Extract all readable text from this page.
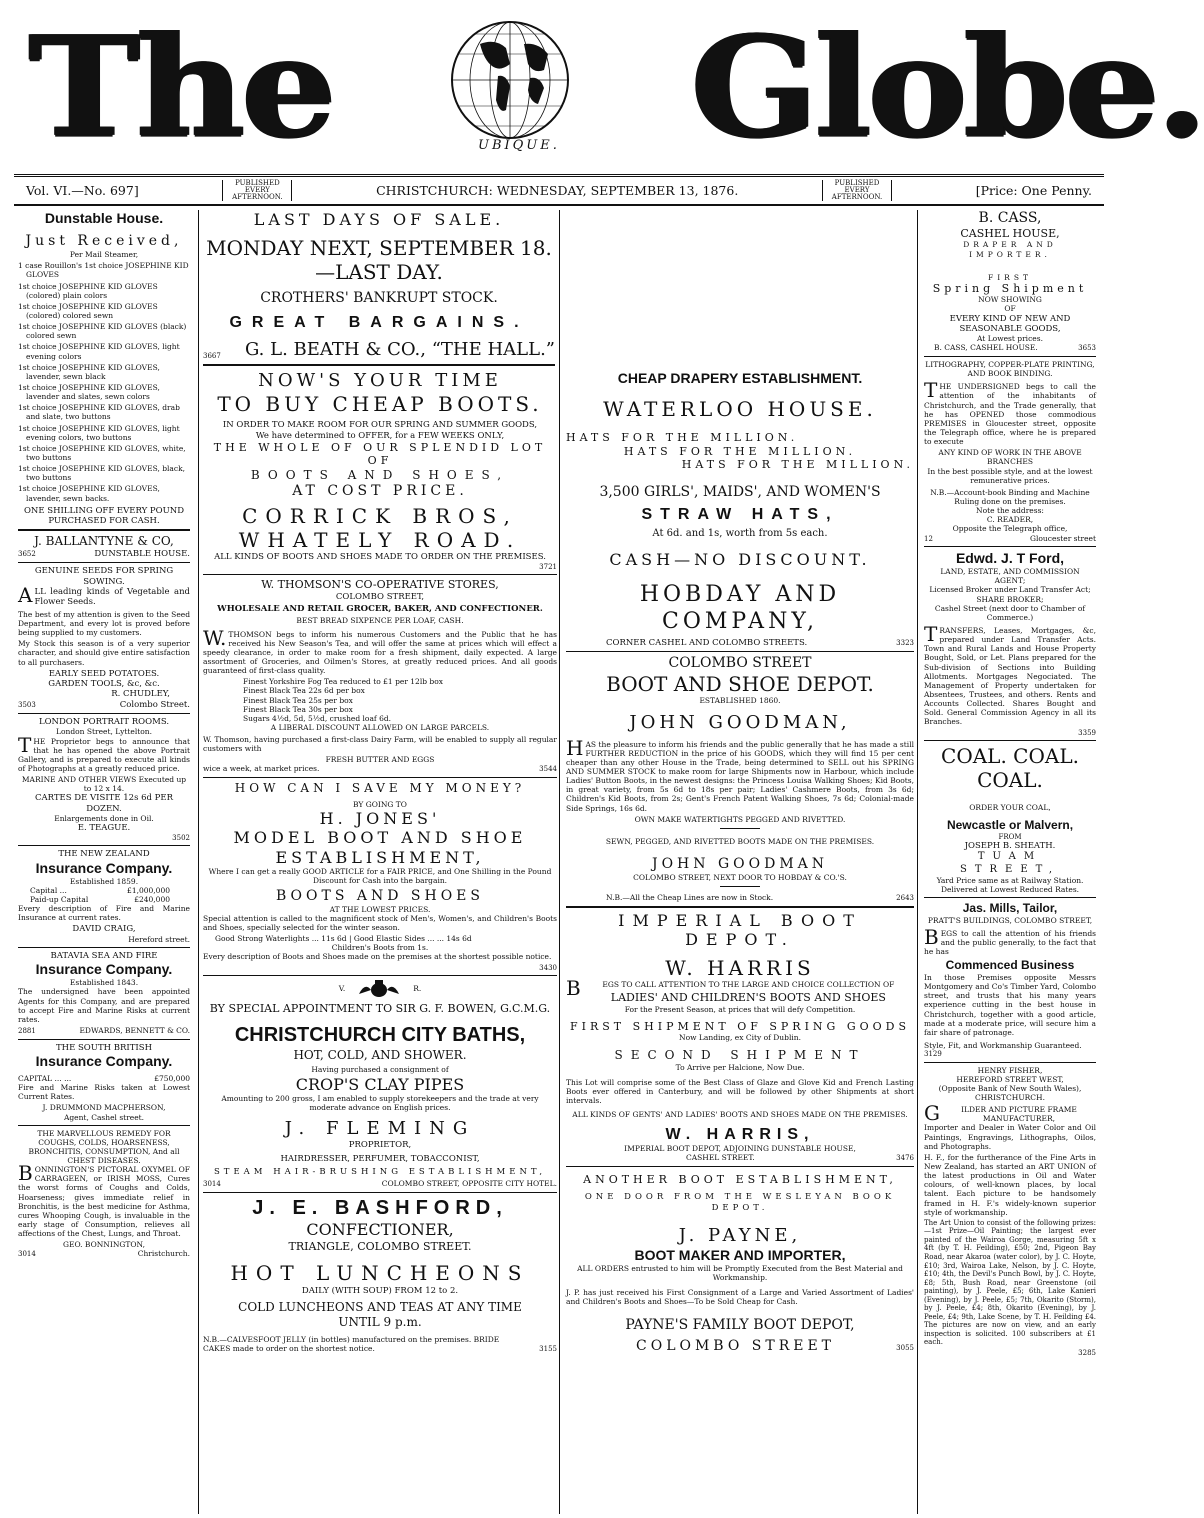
The	UBIQUE. Globe.
Vol. VI.—No. 697]	PUBLISHED EVERY AFTERNOON.	CHRISTCHURCH: WEDNESDAY, SEPTEMBER 13, 1876.	PUBLISHED EVERY AFTERNOON.	[Price: One Penny.
Dunstable House.
Just Received,
Per Mail Steamer,
1 case Rouillon's 1st choice JOSEPHINE KID GLOVES
1st choice JOSEPHINE KID GLOVES (colored) plain colors
1st choice JOSEPHINE KID GLOVES (colored) colored sewn
1st choice JOSEPHINE KID GLOVES (black) colored sewn
1st choice JOSEPHINE KID GLOVES, light evening colors
1st choice JOSEPHINE KID GLOVES, lavender, sewn black
1st choice JOSEPHINE KID GLOVES, lavender and slates, sewn colors
1st choice JOSEPHINE KID GLOVES, drab and slate, two buttons
1st choice JOSEPHINE KID GLOVES, light evening colors, two buttons
1st choice JOSEPHINE KID GLOVES, white, two buttons
1st choice JOSEPHINE KID GLOVES, black, two buttons
1st choice JOSEPHINE KID GLOVES, lavender, sewn backs.
ONE SHILLING OFF EVERY POUND PURCHASED FOR CASH.
J. BALLANTYNE & CO,
3652	DUNSTABLE HOUSE.
GENUINE SEEDS FOR SPRING SOWING.

ALL leading kinds of Vegetable and Flower Seeds.

The best of my attention is given to the Seed Department, and every lot is proved before being supplied to my customers.

My Stock this season is of a very superior character, and should give entire satisfaction to all purchasers.

EARLY SEED POTATOES.
GARDEN TOOLS, &c, &c.
R. CHUDLEY,
3503	Colombo Street.
LONDON PORTRAIT ROOMS.
London Street, Lyttelton.

THE Proprietor begs to announce that that he has opened the above Portrait Gallery, and is prepared to execute all kinds of Photographs at a greatly reduced price.

MARINE AND OTHER VIEWS Executed up to 12 x 14.
CARTES DE VISITE 12s 6d PER DOZEN.
Enlargements done in Oil.
E. TEAGUE.
3502
THE NEW ZEALAND
Insurance Company.
Established 1859.
Capital ...	£1,000,000
Paid-up Capital	£240,000

Every description of Fire and Marine Insurance at current rates.

DAVID CRAIG,
Hereford street.
BATAVIA SEA AND FIRE
Insurance Company.
Established 1843.

The undersigned have been appointed Agents for this Company, and are prepared to accept Fire and Marine Risks at current rates.

2881	EDWARDS, BENNETT & CO.
THE SOUTH BRITISH
Insurance Company.
CAPITAL ... ...	£750,000

Fire and Marine Risks taken at Lowest Current Rates.

J. DRUMMOND MACPHERSON,
Agent, Cashel street.
THE MARVELLOUS REMEDY FOR COUGHS, COLDS, HOARSENESS, BRONCHITIS, CONSUMPTION, And all CHEST DISEASES.

BONNINGTON'S PICTORAL OXYMEL OF CARRAGEEN, or IRISH MOSS, Cures the worst forms of Coughs and Colds, Hoarseness; gives immediate relief in Bronchitis, is the best medicine for Asthma, cures Whooping Cough, is invaluable in the early stage of Consumption, relieves all affections of the Chest, Lungs, and Throat.

GEO. BONNINGTON,
3014	Christchurch.
LAST DAYS OF SALE.
MONDAY NEXT, SEPTEMBER 18.—LAST DAY.
CROTHERS' BANKRUPT STOCK.
GREAT BARGAINS.
3667 G. L. BEATH & CO., “THE HALL.”
NOW'S YOUR TIME
TO BUY CHEAP BOOTS.
IN ORDER TO MAKE ROOM FOR OUR SPRING AND SUMMER GOODS,
We have determined to OFFER, for a FEW WEEKS ONLY,
THE WHOLE OF OUR SPLENDID LOT OF
BOOTS AND SHOES,
AT COST PRICE.
CORRICK BROS,
WHATELY ROAD.
ALL KINDS OF BOOTS AND SHOES MADE TO ORDER ON THE PREMISES.
3721
W. THOMSON'S CO-OPERATIVE STORES,
COLOMBO STREET,
WHOLESALE AND RETAIL GROCER, BAKER, AND CONFECTIONER.
BEST BREAD SIXPENCE PER LOAF, CASH.

W.THOMSON begs to inform his numerous Customers and the Public that he has received his New Season's Tea, and will offer the same at prices which will effect a speedy clearance, in order to make room for a fresh shipment, daily expected. A large assortment of Groceries, and Oilmen's Stores, at greatly reduced prices. And all goods guaranteed of first-class quality.

Finest Yorkshire Fog Tea reduced to £1 per 12lb box
Finest Black Tea 22s 6d per box
Finest Black Tea 25s per box
Finest Black Tea 30s per box
Sugars 4½d, 5d, 5½d, crushed loaf 6d.
A LIBERAL DISCOUNT ALLOWED ON LARGE PARCELS.

W. Thomson, having purchased a first-class Dairy Farm, will be enabled to supply all regular customers with

FRESH BUTTER AND EGGS
wice a week, at market prices.	3544
HOW CAN I SAVE MY MONEY?
BY GOING TO
H. JONES'
MODEL BOOT AND SHOE
ESTABLISHMENT,

Where I can get a really GOOD ARTICLE for a FAIR PRICE, and One Shilling in the Pound Discount for Cash into the bargain.

BOOTS AND SHOES
AT THE LOWEST PRICES.

Special attention is called to the magnificent stock of Men's, Women's, and Children's Boots and Shoes, specially selected for the winter season.

Good Strong Waterlights ... 11s 6d | Good Elastic Sides ... ... 14s 6d
Children's Boots from 1s.

Every description of Boots and Shoes made on the premises at the shortest possible notice.

3430
V.	R.
BY SPECIAL APPOINTMENT TO SIR G. F. BOWEN, G.C.M.G.
CHRISTCHURCH CITY BATHS,
HOT, COLD, AND SHOWER.
Having purchased a consignment of
CROP'S CLAY PIPES

Amounting to 200 gross, I am enabled to supply storekeepers and the trade at very moderate advance on English prices.

J. FLEMING
PROPRIETOR,
HAIRDRESSER, PERFUMER, TOBACCONIST,
STEAM HAIR-BRUSHING ESTABLISHMENT,
3014	COLOMBO STREET, OPPOSITE CITY HOTEL.
J. E. BASHFORD,
CONFECTIONER,
TRIANGLE, COLOMBO STREET.
HOT LUNCHEONS
DAILY (WITH SOUP) FROM 12 to 2.
COLD LUNCHEONS AND TEAS AT ANY TIME
UNTIL 9 p.m.
N.B.—CALVESFOOT JELLY (in bottles) manufactured on the premises. BRIDE CAKES made to order on the shortest notice.	3155
CHEAP DRAPERY ESTABLISHMENT.
WATERLOO HOUSE.
HATS FOR THE MILLION.
HATS FOR THE MILLION.
HATS FOR THE MILLION.
3,500 GIRLS', MAIDS', AND WOMEN'S
STRAW HATS,
At 6d. and 1s, worth from 5s each.
CASH—NO DISCOUNT.
HOBDAY AND COMPANY,
CORNER CASHEL AND COLOMBO STREETS.	3323
COLOMBO STREET
BOOT AND SHOE DEPOT.
ESTABLISHED 1860.
JOHN GOODMAN,

HAS the pleasure to inform his friends and the public generally that he has made a still FURTHER REDUCTION in the price of his GOODS, which they will find 15 per cent cheaper than any other House in the Trade, being determined to SELL out his SPRING AND SUMMER STOCK to make room for large Shipments now in Harbour, which include Ladies' Button Boots, in the newest designs: the Princess Louisa Walking Shoes; Kid Boots, in great variety, from 5s 6d to 18s per pair; Ladies' Cashmere Boots, from 3s 6d; Children's Kid Boots, from 2s; Gent's French Patent Walking Shoes, 7s 6d; Colonial-made Side Springs, 16s 6d.

OWN MAKE WATERTIGHTS PEGGED AND RIVETTED.
SEWN, PEGGED, AND RIVETTED BOOTS MADE ON THE PREMISES.
JOHN GOODMAN
COLOMBO STREET, NEXT DOOR TO HOBDAY & CO.'S.
N.B.—All the Cheap Lines are now in Stock.	2643
IMPERIAL BOOT DEPOT.
W. HARRIS
BEGS TO CALL ATTENTION TO THE LARGE AND CHOICE COLLECTION OF
LADIES' AND CHILDREN'S BOOTS AND SHOES
For the Present Season, at prices that will defy Competition.
FIRST SHIPMENT OF SPRING GOODS
Now Landing, ex City of Dublin.
SECOND SHIPMENT
To Arrive per Halcione, Now Due.

This Lot will comprise some of the Best Class of Glaze and Glove Kid and French Lasting Boots ever offered in Canterbury, and will be followed by other Shipments at short intervals.

ALL KINDS OF GENTS' AND LADIES' BOOTS AND SHOES MADE ON THE PREMISES.
W. HARRIS,
IMPERIAL BOOT DEPOT, ADJOINING DUNSTABLE HOUSE,
CASHEL STREET.	3476
ANOTHER BOOT ESTABLISHMENT,
ONE DOOR FROM THE WESLEYAN BOOK DEPOT.
J. PAYNE,
BOOT MAKER AND IMPORTER,

ALL ORDERS entrusted to him will be Promptly Executed from the Best Material and Workmanship.

J. P. has just received his First Consignment of a Large and Varied Assortment of Ladies' and Children's Boots and Shoes—To be Sold Cheap for Cash.

PAYNE'S FAMILY BOOT DEPOT,
COLOMBO STREET	3055
B. CASS,
CASHEL HOUSE,
DRAPER AND IMPORTER.
FIRST
Spring Shipment
NOW SHOWING
OF
EVERY KIND OF NEW AND SEASONABLE GOODS,
At Lowest prices.
B. CASS, CASHEL HOUSE.	3653
LITHOGRAPHY, COPPER-PLATE PRINTING, AND BOOK BINDING.

THE UNDERSIGNED begs to call the attention of the inhabitants of Christchurch, and the Trade generally, that he has OPENED those commodious PREMISES in Gloucester street, opposite the Telegraph office, where he is prepared to execute

ANY KIND OF WORK IN THE ABOVE BRANCHES
In the best possible style, and at the lowest remunerative prices.
N.B.—Account-book Binding and Machine Ruling done on the premises.
Note the address:
C. READER,
Opposite the Telegraph office,
12	Gloucester street
Edwd. J. T Ford,
LAND, ESTATE, AND COMMISSION AGENT;
Licensed Broker under Land Transfer Act;
SHARE BROKER;
Cashel Street (next door to Chamber of Commerce.)

TRANSFERS, Leases, Mortgages, &c, prepared under Land Transfer Acts. Town and Rural Lands and House Property Bought, Sold, or Let. Plans prepared for the Sub-division of Sections into Building Allotments. Mortgages Negociated. The Management of Property undertaken for Absentees, Trustees, and others. Rents and Accounts Collected. Shares Bought and Sold. General Commission Agency in all its Branches.

3359
COAL. COAL.
COAL.
ORDER YOUR COAL,
Newcastle or Malvern,
FROM
JOSEPH B. SHEATH.
TUAM STREET,
Yard Price same as at Railway Station.
Delivered at Lowest Reduced Rates.
Jas. Mills, Tailor,
PRATT'S BUILDINGS, COLOMBO STREET,

BEGS to call the attention of his friends and the public generally, to the fact that he has

Commenced Business

In those Premises opposite Messrs Montgomery and Co's Timber Yard, Colombo street, and trusts that his many years experience cutting in the best house in Christchurch, together with a good article, made at a moderate price, will secure him a fair share of patronage.

Style, Fit, and Workmanship Guaranteed.
3129
HENRY FISHER,
HEREFORD STREET WEST,
(Opposite Bank of New South Wales), CHRISTCHURCH.
GILDER AND PICTURE FRAME MANUFACTURER,

Importer and Dealer in Water Color and Oil Paintings, Engravings, Lithographs, Oilos, and Photographs.

H. F., for the furtherance of the Fine Arts in New Zealand, has started an ART UNION of the latest productions in Oil and Water colours, of well-known places, by local talent. Each picture to be handsomely framed in H. F.'s widely-known superior style of workmanship.

The Art Union to consist of the following prizes:—1st Prize—Oil Painting; the largest ever painted of the Wairoa Gorge, measuring 5ft x 4ft (by T. H. Feilding), £50; 2nd, Pigeon Bay Road, near Akaroa (water color), by J. C. Hoyte, £10; 3rd, Wairoa Lake, Nelson, by J. C. Hoyte, £10; 4th, the Devil's Punch Bowl, by J. C. Hoyte, £8; 5th, Bush Road, near Greenstone (oil painting), by J. Peele, £5; 6th, Lake Kanieri (Evening), by J. Peele, £5; 7th, Okarito (Storm), by J. Peele, £4; 8th, Okarito (Evening), by J. Peele, £4; 9th, Lake Scene, by T. H. Feilding £4. The pictures are now on view, and an early inspection is solicited. 100 subscribers at £1 each.

3285
